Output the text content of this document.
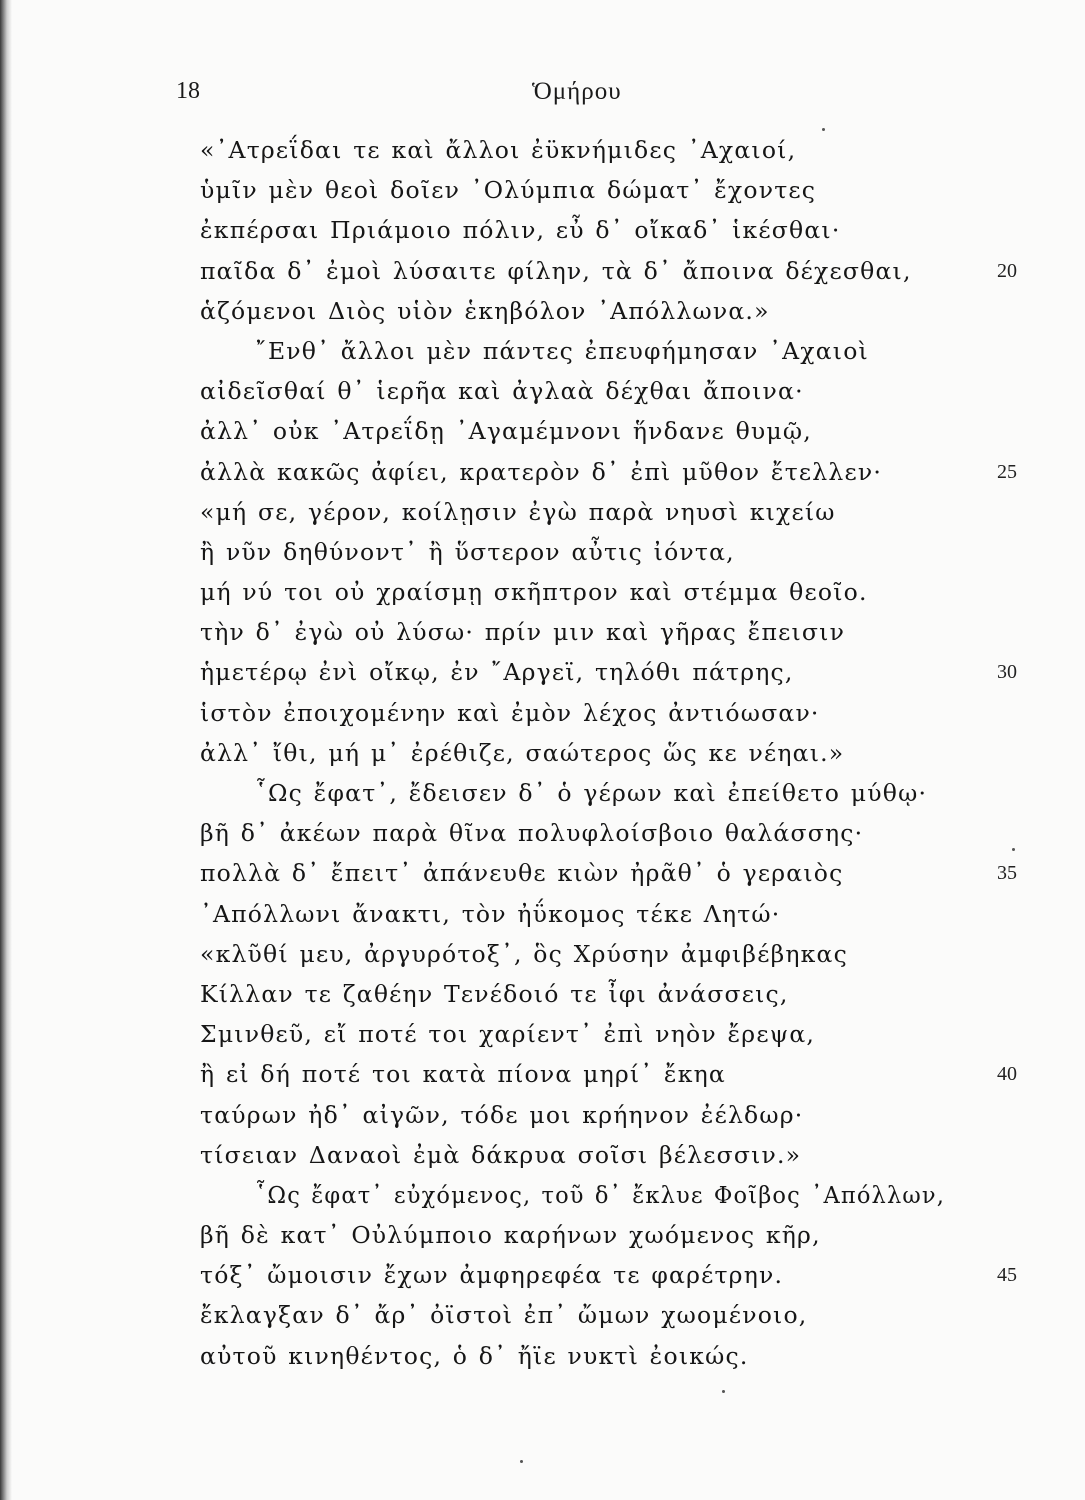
18	Ὁμήρου
«᾿Ατρεΐδαι τε καὶ ἄλλοι ἐϋκνήμιδες ᾿Αχαιοί,
ὑμῖν μὲν θεοὶ δοῖεν ᾿Ολύμπια δώματ᾿ ἔχοντες
ἐκπέρσαι Πριάμοιο πόλιν, εὖ δ᾿ οἴκαδ᾿ ἱκέσθαι·
παῖδα δ᾿ ἐμοὶ λύσαιτε φίλην, τὰ δ᾿ ἄποινα δέχεσθαι,	20
ἁζόμενοι Διὸς υἱὸν ἑκηβόλον ᾿Απόλλωνα.»
῎Ενθ᾿ ἄλλοι μὲν πάντες ἐπευφήμησαν ᾿Αχαιοὶ
αἰδεῖσθαί θ᾿ ἱερῆα καὶ ἀγλαὰ δέχθαι ἄποινα·
ἀλλ᾿ οὐκ ᾿Ατρεΐδῃ ᾿Αγαμέμνονι ἥνδανε θυμῷ,
ἀλλὰ κακῶς ἀφίει, κρατερὸν δ᾿ ἐπὶ μῦθον ἔτελλεν·	25
«μή σε, γέρον, κοίλῃσιν ἐγὼ παρὰ νηυσὶ κιχείω
ἢ νῦν δηθύνοντ᾿ ἢ ὕστερον αὖτις ἰόντα,
μή νύ τοι οὐ χραίσμῃ σκῆπτρον καὶ στέμμα θεοῖο.
τὴν δ᾿ ἐγὼ οὐ λύσω· πρίν μιν καὶ γῆρας ἔπεισιν
ἡμετέρῳ ἐνὶ οἴκῳ, ἐν ῎Αργεϊ, τηλόθι πάτρης,	30
ἱστὸν ἐποιχομένην καὶ ἐμὸν λέχος ἀντιόωσαν·
ἀλλ᾿ ἴθι, μή μ᾿ ἐρέθιζε, σαώτερος ὥς κε νέηαι.»
῟Ως ἔφατ᾿, ἔδεισεν δ᾿ ὁ γέρων καὶ ἐπείθετο μύθῳ·
βῆ δ᾿ ἀκέων παρὰ θῖνα πολυφλοίσβοιο θαλάσσης·
πολλὰ δ᾿ ἔπειτ᾿ ἀπάνευθε κιὼν ἠρᾶθ᾿ ὁ γεραιὸς	35
᾿Απόλλωνι ἄνακτι, τὸν ἠΰκομος τέκε Λητώ·
«κλῦθί μευ, ἀργυρότοξ᾿, ὃς Χρύσην ἀμφιβέβηκας
Κίλλαν τε ζαθέην Τενέδοιό τε ἶφι ἀνάσσεις,
Σμινθεῦ, εἴ ποτέ τοι χαρίεντ᾿ ἐπὶ νηὸν ἔρεψα,
ἢ εἰ δή ποτέ τοι κατὰ πίονα μηρί᾿ ἔκηα	40
ταύρων ἠδ᾿ αἰγῶν, τόδε μοι κρήηνον ἐέλδωρ·
τίσειαν Δαναοὶ ἐμὰ δάκρυα σοῖσι βέλεσσιν.»
῟Ως ἔφατ᾿ εὐχόμενος, τοῦ δ᾿ ἔκλυε Φοῖβος ᾿Απόλλων,
βῆ δὲ κατ᾿ Οὐλύμποιο καρήνων χωόμενος κῆρ,
τόξ᾿ ὤμοισιν ἔχων ἀμφηρεφέα τε φαρέτρην.	45
ἔκλαγξαν δ᾿ ἄρ᾿ ὀϊστοὶ ἐπ᾿ ὤμων χωομένοιο,
αὐτοῦ κινηθέντος, ὁ δ᾿ ἤϊε νυκτὶ ἐοικώς.
